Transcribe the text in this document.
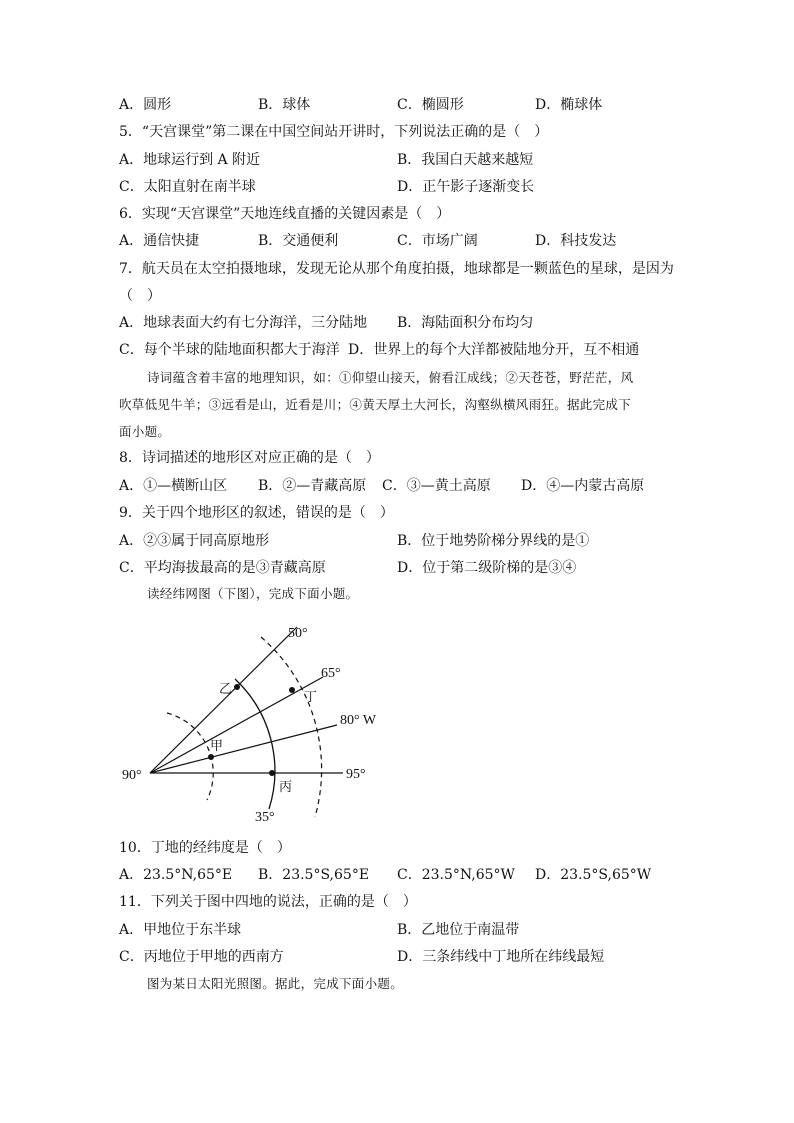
A．圆形	B．球体	C．椭圆形	D．椭球体
5．“天宫课堂”第二课在中国空间站开讲时，下列说法正确的是（　）
A．地球运行到 A 附近	B．我国白天越来越短
C．太阳直射在南半球	D．正午影子逐渐变长
6．实现“天宫课堂”天地连线直播的关键因素是（　）
A．通信快捷	B．交通便利	C．市场广阔	D．科技发达
7．航天员在太空拍摄地球，发现无论从那个角度拍摄，地球都是一颗蓝色的星球，是因为
（　）
A．地球表面大约有七分海洋，三分陆地 B．海陆面积分布均匀
C．每个半球的陆地面积都大于海洋 D．世界上的每个大洋都被陆地分开，互不相通
诗词蕴含着丰富的地理知识，如：①仰望山接天，俯看江成线；②天苍苍，野茫茫，风
吹草低见牛羊；③远看是山，近看是川；④黄天厚土大河长，沟壑纵横风雨狂。据此完成下
面小题。
8．诗词描述的地形区对应正确的是（　）
A．①—横断山区 B．②—青藏高原 C．③—黄土高原 D．④—内蒙古高原
9．关于四个地形区的叙述，错误的是（　）
A．②③属于同高原地形	B．位于地势阶梯分界线的是①
C．平均海拔最高的是③青藏高原	D．位于第二级阶梯的是③④
读经纬网图（下图），完成下面小题。
50°
65°
80° W
95°
90°
35°
乙
丁
甲
丙
10．丁地的经纬度是（　）
A．23.5°N,65°E B．23.5°S,65°E C．23.5°N,65°W D．23.5°S,65°W
11．下列关于图中四地的说法，正确的是（　）
A．甲地位于东半球	B．乙地位于南温带
C．丙地位于甲地的西南方	D．三条纬线中丁地所在纬线最短
图为某日太阳光照图。据此，完成下面小题。
